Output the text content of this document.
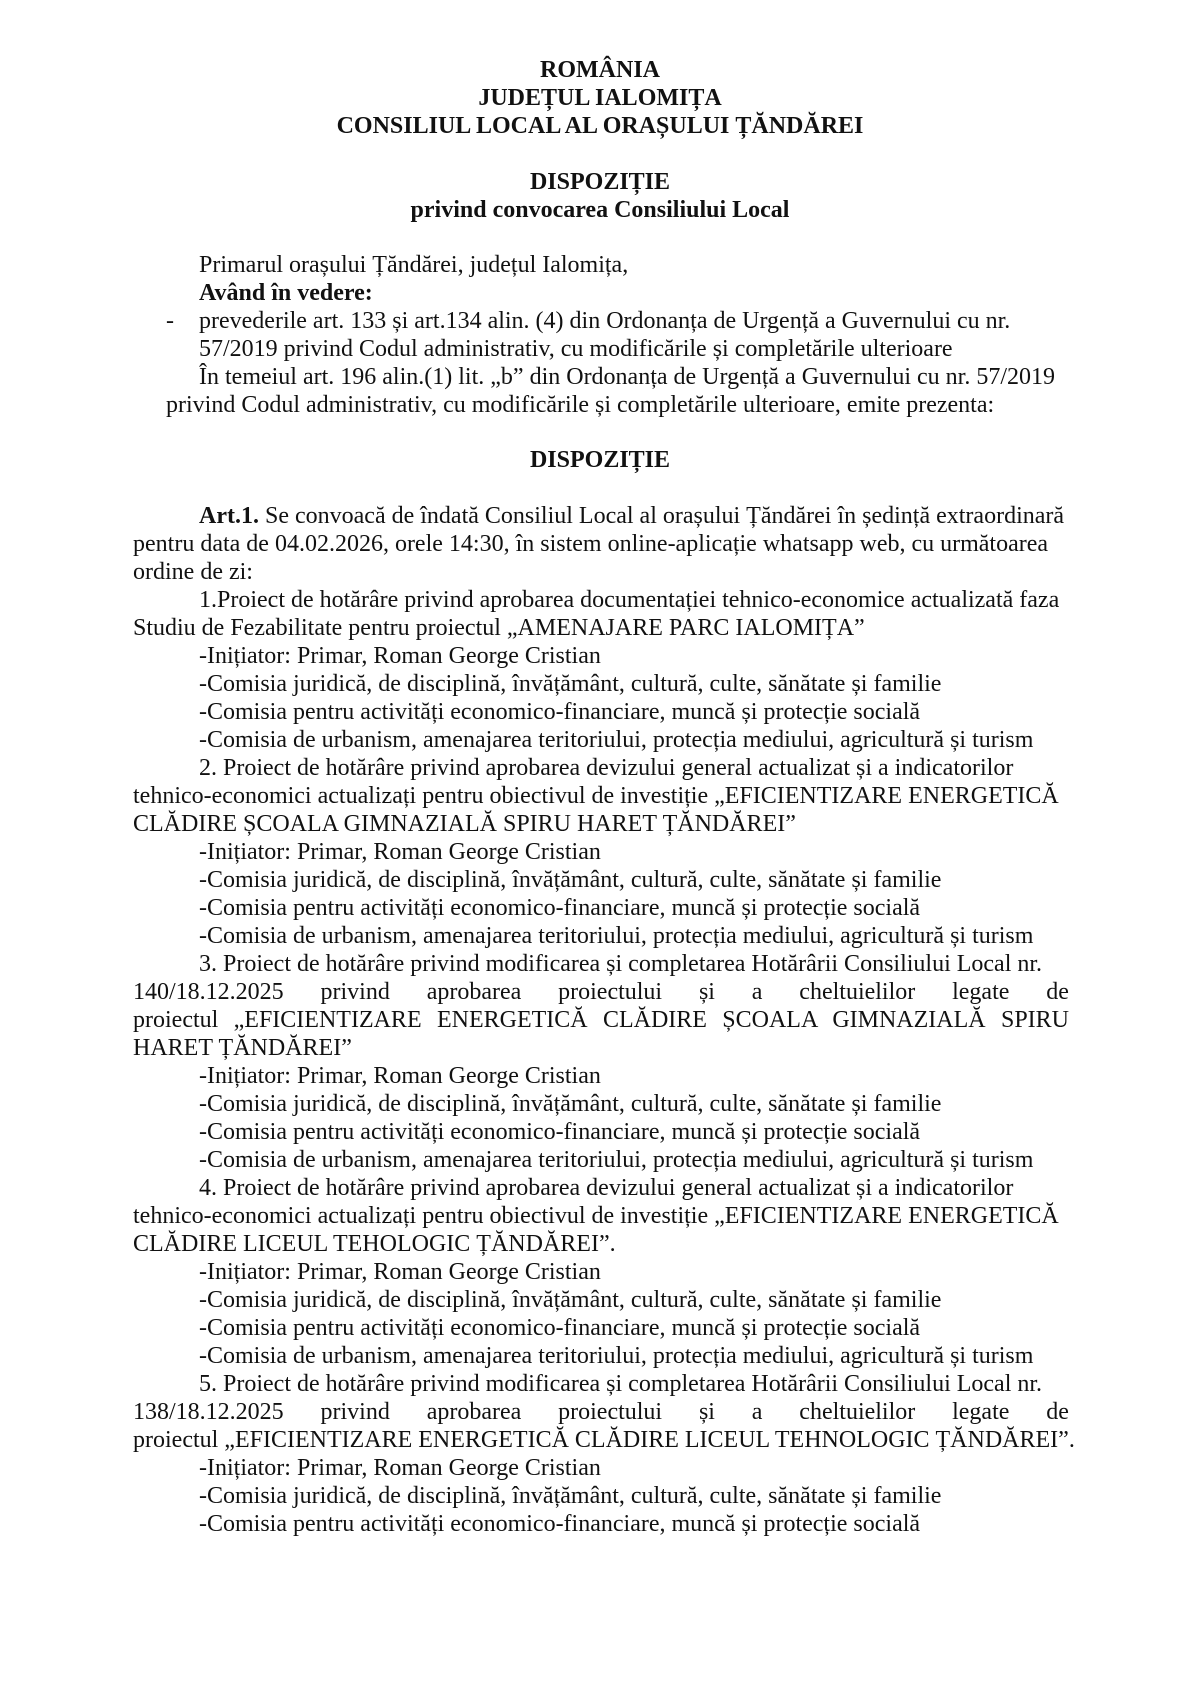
ROMÂNIA
JUDEȚUL IALOMIȚA
CONSILIUL LOCAL AL ORAȘULUI ȚĂNDĂREI
DISPOZIȚIE
privind convocarea Consiliului Local
Primarul orașului Țăndărei, județul Ialomița,
Având în vedere:
- prevederile art. 133 și art.134 alin. (4) din Ordonanța de Urgență a Guvernului cu nr.
57/2019 privind Codul administrativ, cu modificările și completările ulterioare
În temeiul art. 196 alin.(1) lit. „b” din Ordonanța de Urgență a Guvernului cu nr. 57/2019
privind Codul administrativ, cu modificările și completările ulterioare, emite prezenta:
DISPOZIȚIE
Art.1. Se convoacă de îndată Consiliul Local al orașului Țăndărei în ședință extraordinară
pentru data de 04.02.2026, orele 14:30, în sistem online-aplicație whatsapp web, cu următoarea
ordine de zi:
1.Proiect de hotărâre privind aprobarea documentației tehnico-economice actualizată faza
Studiu de Fezabilitate pentru proiectul „AMENAJARE PARC IALOMIȚA”
-Inițiator: Primar, Roman George Cristian
-Comisia juridică, de disciplină, învățământ, cultură, culte, sănătate și familie
-Comisia pentru activități economico-financiare, muncă și protecție socială
-Comisia de urbanism, amenajarea teritoriului, protecția mediului, agricultură și turism
2. Proiect de hotărâre privind aprobarea devizului general actualizat și a indicatorilor
tehnico-economici actualizați pentru obiectivul de investiție „EFICIENTIZARE ENERGETICĂ
CLĂDIRE ȘCOALA GIMNAZIALĂ SPIRU HARET ȚĂNDĂREI”
-Inițiator: Primar, Roman George Cristian
-Comisia juridică, de disciplină, învățământ, cultură, culte, sănătate și familie
-Comisia pentru activități economico-financiare, muncă și protecție socială
-Comisia de urbanism, amenajarea teritoriului, protecția mediului, agricultură și turism
3. Proiect de hotărâre privind modificarea și completarea Hotărârii Consiliului Local nr.
140/18.12.2025 privind aprobarea proiectului și a cheltuielilor legate de
proiectul „EFICIENTIZARE ENERGETICĂ CLĂDIRE ȘCOALA GIMNAZIALĂ SPIRU
HARET ȚĂNDĂREI”
-Inițiator: Primar, Roman George Cristian
-Comisia juridică, de disciplină, învățământ, cultură, culte, sănătate și familie
-Comisia pentru activități economico-financiare, muncă și protecție socială
-Comisia de urbanism, amenajarea teritoriului, protecția mediului, agricultură și turism
4. Proiect de hotărâre privind aprobarea devizului general actualizat și a indicatorilor
tehnico-economici actualizați pentru obiectivul de investiție „EFICIENTIZARE ENERGETICĂ
CLĂDIRE LICEUL TEHOLOGIC ȚĂNDĂREI”.
-Inițiator: Primar, Roman George Cristian
-Comisia juridică, de disciplină, învățământ, cultură, culte, sănătate și familie
-Comisia pentru activități economico-financiare, muncă și protecție socială
-Comisia de urbanism, amenajarea teritoriului, protecția mediului, agricultură și turism
5. Proiect de hotărâre privind modificarea și completarea Hotărârii Consiliului Local nr.
138/18.12.2025 privind aprobarea proiectului și a cheltuielilor legate de
proiectul „EFICIENTIZARE ENERGETICĂ CLĂDIRE LICEUL TEHNOLOGIC ȚĂNDĂREI”.
-Inițiator: Primar, Roman George Cristian
-Comisia juridică, de disciplină, învățământ, cultură, culte, sănătate și familie
-Comisia pentru activități economico-financiare, muncă și protecție socială
